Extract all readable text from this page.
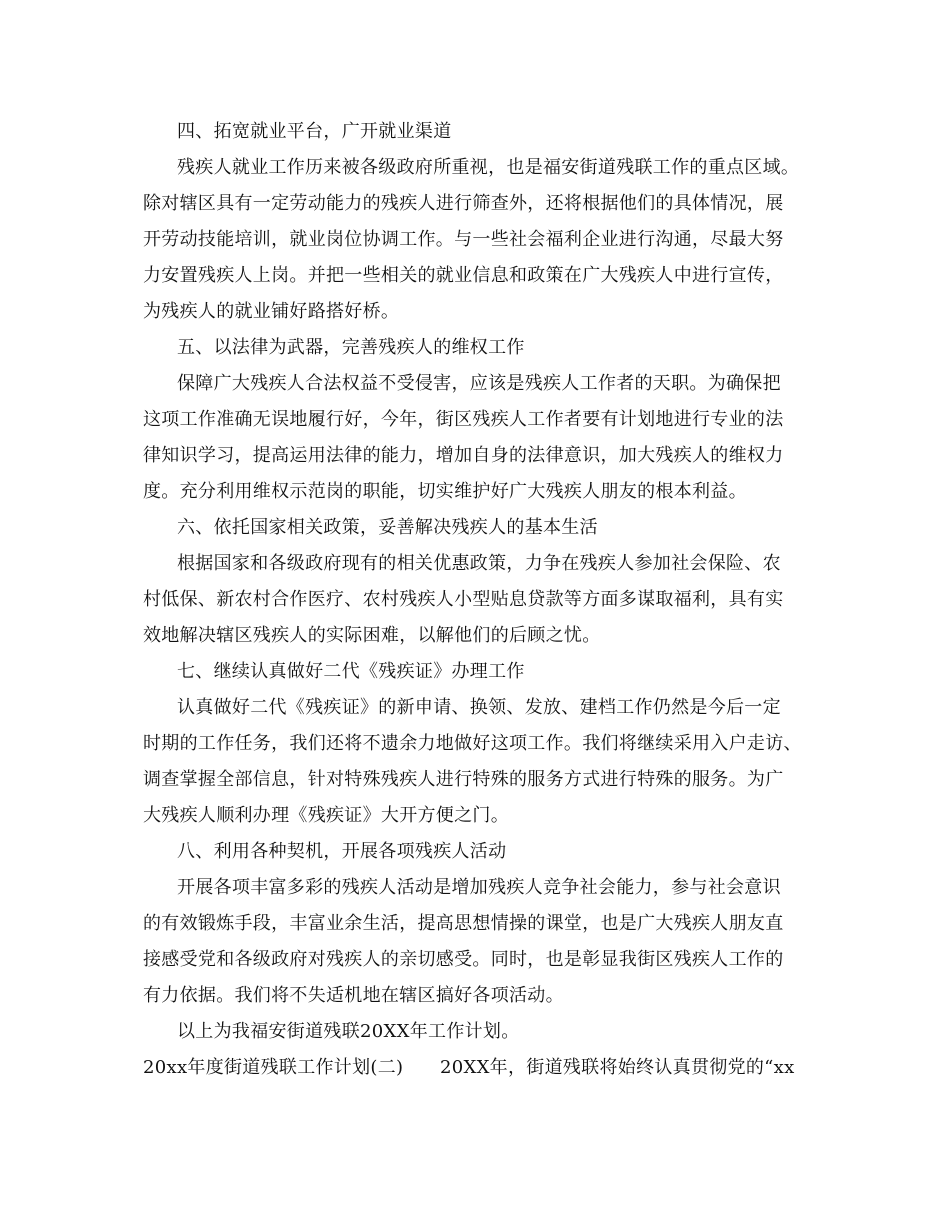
四、拓宽就业平台，广开就业渠道
残疾人就业工作历来被各级政府所重视，也是福安街道残联工作的重点区域。
除对辖区具有一定劳动能力的残疾人进行筛查外，还将根据他们的具体情况，展
开劳动技能培训，就业岗位协调工作。与一些社会福利企业进行沟通，尽最大努
力安置残疾人上岗。并把一些相关的就业信息和政策在广大残疾人中进行宣传，
为残疾人的就业铺好路搭好桥。
五、以法律为武器，完善残疾人的维权工作
保障广大残疾人合法权益不受侵害，应该是残疾人工作者的天职。为确保把
这项工作准确无误地履行好，今年，街区残疾人工作者要有计划地进行专业的法
律知识学习，提高运用法律的能力，增加自身的法律意识，加大残疾人的维权力
度。充分利用维权示范岗的职能，切实维护好广大残疾人朋友的根本利益。
六、依托国家相关政策，妥善解决残疾人的基本生活
根据国家和各级政府现有的相关优惠政策，力争在残疾人参加社会保险、农
村低保、新农村合作医疗、农村残疾人小型贴息贷款等方面多谋取福利，具有实
效地解决辖区残疾人的实际困难，以解他们的后顾之忧。
七、继续认真做好二代《残疾证》办理工作
认真做好二代《残疾证》的新申请、换领、发放、建档工作仍然是今后一定
时期的工作任务，我们还将不遗余力地做好这项工作。我们将继续采用入户走访、
调查掌握全部信息，针对特殊残疾人进行特殊的服务方式进行特殊的服务。为广
大残疾人顺利办理《残疾证》大开方便之门。
八、利用各种契机，开展各项残疾人活动
开展各项丰富多彩的残疾人活动是增加残疾人竞争社会能力，参与社会意识
的有效锻炼手段，丰富业余生活，提高思想情操的课堂，也是广大残疾人朋友直
接感受党和各级政府对残疾人的亲切感受。同时，也是彰显我街区残疾人工作的
有力依据。我们将不失适机地在辖区搞好各项活动。
以上为我福安街道残联20XX年工作计划。
20xx年度街道残联工作计划(二)　　20XX年，街道残联将始终认真贯彻党的“xx
